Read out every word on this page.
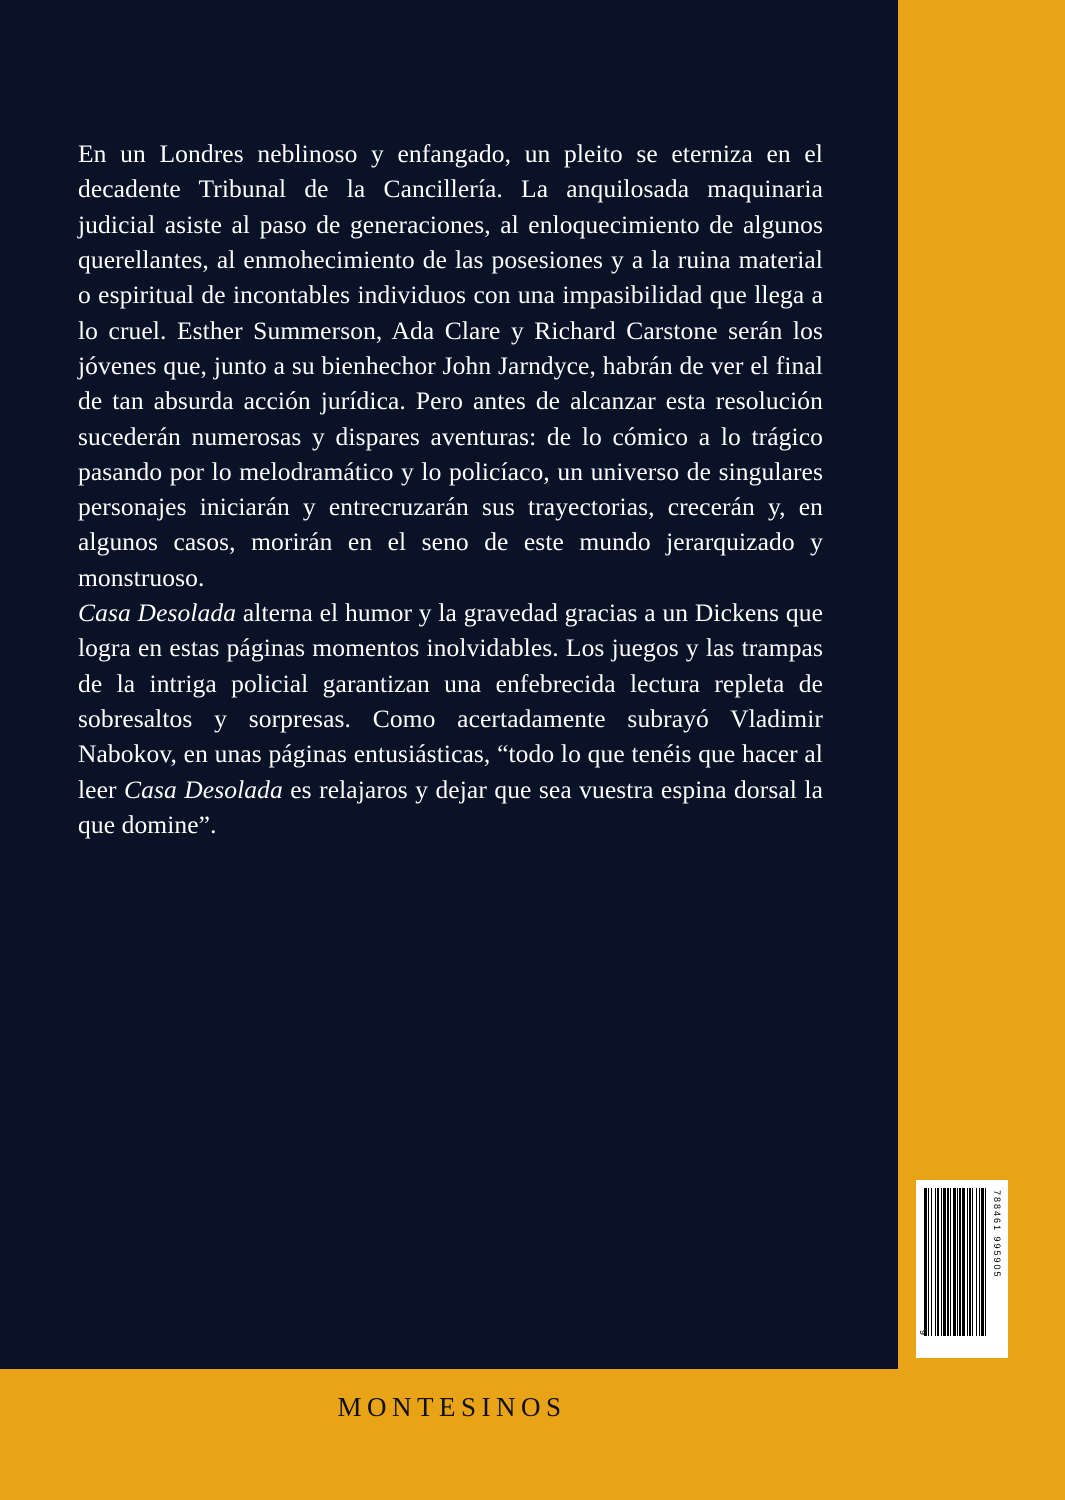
En un Londres neblinoso y enfangado, un pleito se eterniza en el decadente Tribunal de la Cancillería. La anquilosada maquinaria judicial asiste al paso de generaciones, al enloquecimiento de algunos querellantes, al enmohecimiento de las posesiones y a la ruina material o espiritual de incontables individuos con una impasibilidad que llega a lo cruel. Esther Summerson, Ada Clare y Richard Carstone serán los jóvenes que, junto a su bienhechor John Jarndyce, habrán de ver el final de tan absurda acción jurídica. Pero antes de alcanzar esta resolución sucederán numerosas y dispares aventuras: de lo cómico a lo trágico pasando por lo melodramático y lo policíaco, un universo de singulares personajes iniciarán y entrecruzarán sus trayectorias, crecerán y, en algunos casos, morirán en el seno de este mundo jerarquizado y monstruoso.

Casa Desolada alterna el humor y la gravedad gracias a un Dickens que logra en estas páginas momentos inolvidables. Los juegos y las trampas de la intriga policial garantizan una enfebrecida lectura repleta de sobresaltos y sorpresas. Como acertadamente subrayó Vladimir Nabokov, en unas páginas entusiásticas, “todo lo que tenéis que hacer al leer Casa Desolada es relajaros y dejar que sea vuestra espina dorsal la que domine”.

788461 995905
9
MONTESINOS
